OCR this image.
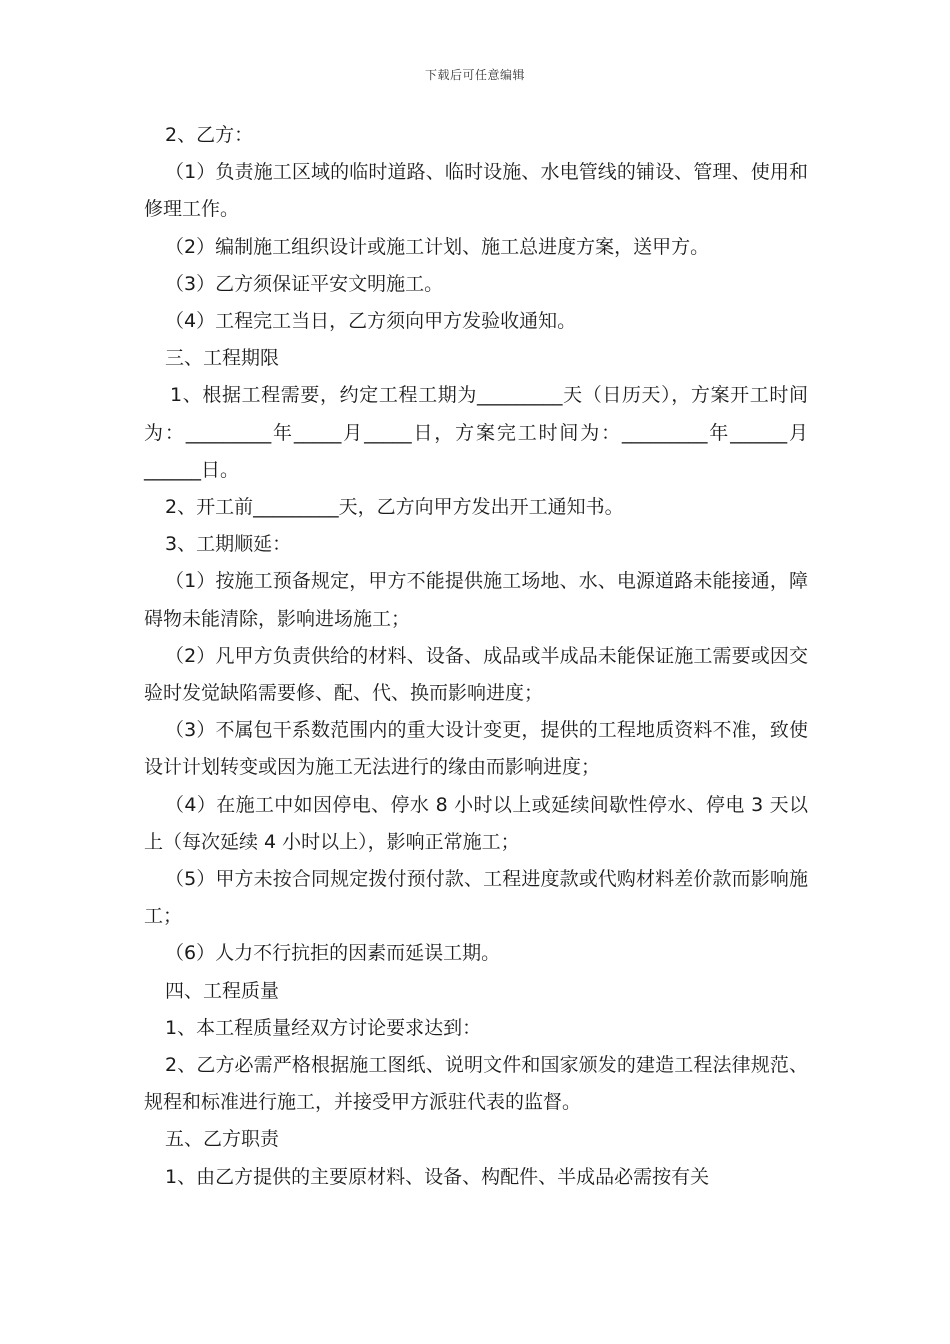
下载后可任意编辑

2、乙方：

（1）负责施工区域的临时道路、临时设施、水电管线的铺设、管理、使用和修理工作。

（2）编制施工组织设计或施工计划、施工总进度方案，送甲方。

（3）乙方须保证平安文明施工。

（4）工程完工当日，乙方须向甲方发验收通知。

三、工程期限

1、根据工程需要，约定工程工期为_________天（日历天），方案开工时间为：_________年_____月_____日，方案完工时间为：_________年______月______日。

2、开工前_________天，乙方向甲方发出开工通知书。

3、工期顺延：

（1）按施工预备规定，甲方不能提供施工场地、水、电源道路未能接通，障碍物未能清除，影响进场施工；

（2）凡甲方负责供给的材料、设备、成品或半成品未能保证施工需要或因交验时发觉缺陷需要修、配、代、换而影响进度；

（3）不属包干系数范围内的重大设计变更，提供的工程地质资料不准，致使设计计划转变或因为施工无法进行的缘由而影响进度；

（4）在施工中如因停电、停水 8 小时以上或延续间歇性停水、停电 3 天以上（每次延续 4 小时以上），影响正常施工；

（5）甲方未按合同规定拨付预付款、工程进度款或代购材料差价款而影响施工；

（6）人力不行抗拒的因素而延误工期。

四、工程质量

1、本工程质量经双方讨论要求达到：

2、乙方必需严格根据施工图纸、说明文件和国家颁发的建造工程法律规范、规程和标准进行施工，并接受甲方派驻代表的监督。

五、乙方职责

1、由乙方提供的主要原材料、设备、构配件、半成品必需按有关
